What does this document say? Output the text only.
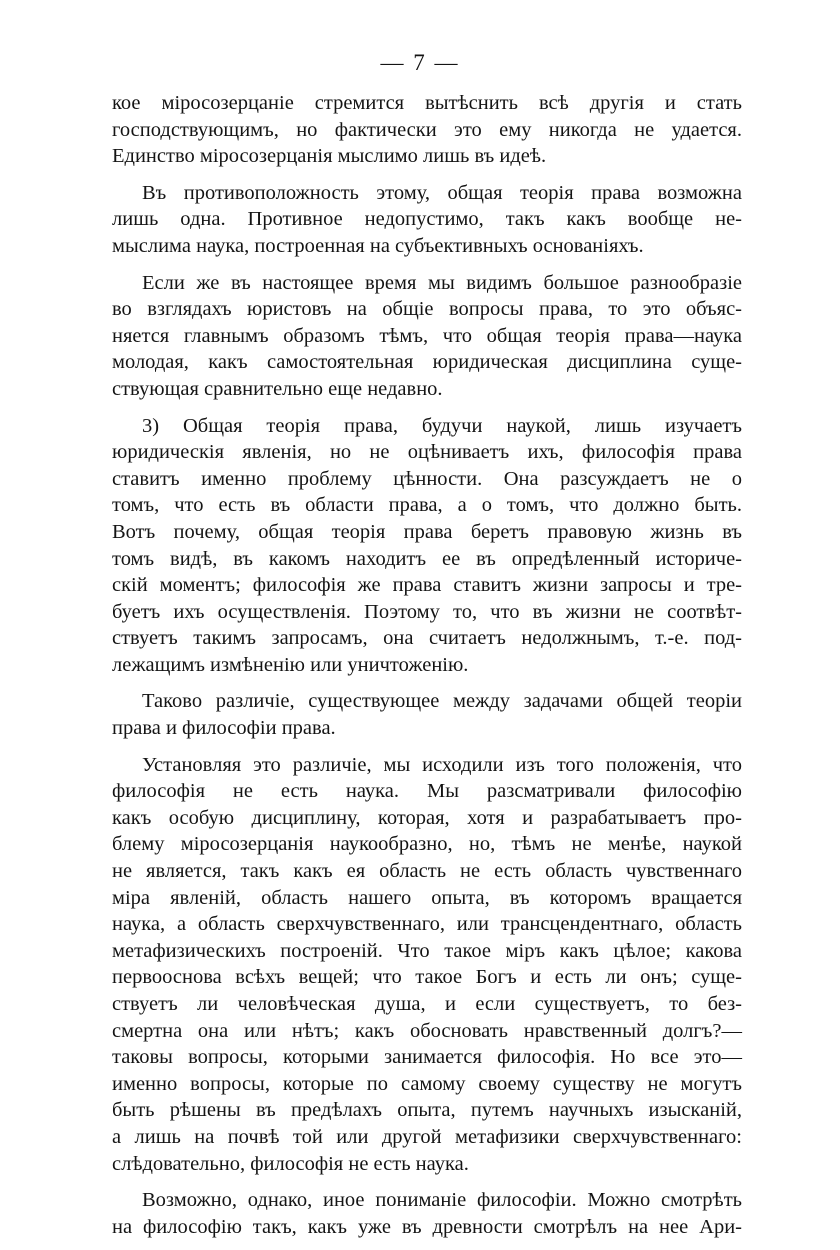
— 7 —
кое міросозерцаніе стремится вытѣснить всѣ другія и стать
господствующимъ, но фактически это ему никогда не удается.
Единство міросозерцанія мыслимо лишь въ идеѣ.
Въ противоположность этому, общая теорія права возможна
лишь одна. Противное недопустимо, такъ какъ вообще не-
мыслима наука, построенная на субъективныхъ основаніяхъ.
Если же въ настоящее время мы видимъ большое разнообразіе
во взглядахъ юристовъ на общіе вопросы права, то это объяс-
няется главнымъ образомъ тѣмъ, что общая теорія права—наука
молодая, какъ самостоятельная юридическая дисциплина суще-
ствующая сравнительно еще недавно.
3) Общая теорія права, будучи наукой, лишь изучаетъ
юридическія явленія, но не оцѣниваетъ ихъ, философія права
ставитъ именно проблему цѣнности. Она разсуждаетъ не о
томъ, что есть въ области права, а о томъ, что должно быть.
Вотъ почему, общая теорія права беретъ правовую жизнь въ
томъ видѣ, въ какомъ находитъ ее въ опредѣленный историче-
скій моментъ; философія же права ставитъ жизни запросы и тре-
буетъ ихъ осуществленія. Поэтому то, что въ жизни не соотвѣт-
ствуетъ такимъ запросамъ, она считаетъ недолжнымъ, т.-е. под-
лежащимъ измѣненію или уничтоженію.
Таково различіе, существующее между задачами общей теоріи
права и философіи права.
Установляя это различіе, мы исходили изъ того положенія, что
философія не есть наука. Мы разсматривали философію
какъ особую дисциплину, которая, хотя и разрабатываетъ про-
блему міросозерцанія наукообразно, но, тѣмъ не менѣе, наукой
не является, такъ какъ ея область не есть область чувственнаго
міра явленій, область нашего опыта, въ которомъ вращается
наука, а область сверхчувственнаго, или трансцендентнаго, область
метафизическихъ построеній. Что такое міръ какъ цѣлое; какова
первооснова всѣхъ вещей; что такое Богъ и есть ли онъ; суще-
ствуетъ ли человѣческая душа, и если существуетъ, то без-
смертна она или нѣтъ; какъ обосновать нравственный долгъ?—
таковы вопросы, которыми занимается философія. Но все это—
именно вопросы, которые по самому своему существу не могутъ
быть рѣшены въ предѣлахъ опыта, путемъ научныхъ изысканій,
а лишь на почвѣ той или другой метафизики сверхчувственнаго:
слѣдовательно, философія не есть наука.
Возможно, однако, иное пониманіе философіи. Можно смотрѣть
на философію такъ, какъ уже въ древности смотрѣлъ на нее Ари-
